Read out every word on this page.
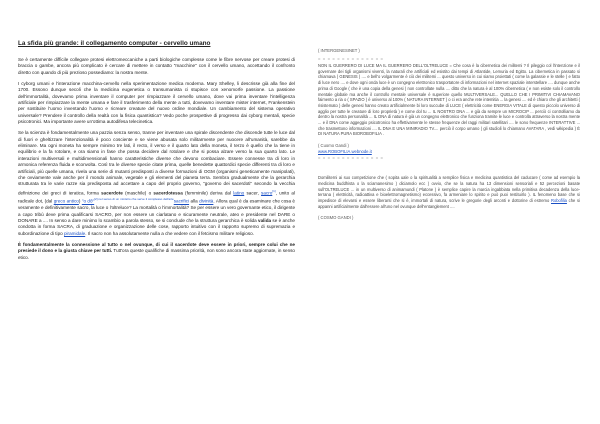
La sfida più grande: il collegamento computer - cervello umano

Se è certamente difficile collegare protesi elettromeccaniche a parti biologiche complesse come le fibre nervose per creare protesi di braccia o gambe, ancora più complicato è cercare di mettere in contatto "macchine" con il cervello umano, accettando il confronto diretto con quando di più prezioso possediamo: la nostra mente.

I cyborg umani e l'interazione macchina-cervello nella sperimentazione medica moderna. Mary Shelley, li descrisse già alla fine del 1700. Essono dunque secoli che la medicina eugenetica o transumanista ci stupisce con xenomorfe passione. La passione dell'immortalità, dovevamo prima inventare il computer per rimpiazzare il cervello umano, dove vai prima inventare l'intelligenza artificiale per rimpiazzare la mente umana e fare il trasferimento della mente a tutti, dovevamo inventare mister internet, Frankenstein per sostituire l'uomo inventando l'uomo e ricreare creature del nuovo ordine mondiale. Un cambiamento del sistema operativo universale? Prendere il controllo della realtà con la fisica quantistica? Vedo poche prospettive di progresso dai cyborg mentali, specie psicotronici. Ma importante avere un'ottima autodifesa telecinetica.

Se la scienza è fondamentalmente una pazzia senza senso, tranne per inventare una spirale discendente che discende tutte le luce dal di fuori e gheltizzare l'intenzionalità è poco cosciente e se viene abusata solo militarmente per nuocere all'umanità, sarebbe da eliminare. Ma ogni moneta ha sempre minimo tre lati, il recto, il verso e il quarto lato della moneta, il terzo è quello che la tiene in equilibrio e la fa rotolare, e ora siamo in fase che possa decidere dal rotolare e che si possa alzare verso la sua quarto lato. Le interazioni multiversali e multidimensionali hanno caratteristiche diverse che devono combaciare. Essere connesse tra di loro in armonica referenza fluida e sconvolta. Così tra le diverse specie citate prima, quelle benedette quattordici specie differenti tra di loro e artificiali, più quelle umana, rivela una serie di mutanti predisposti a diverse formazioni di OGM (organismi geneticamente manipolati), che ovviamente vale anche per il mondo animale, vegetale e gli elementi del pianeta terra. Sembra gradualmente che la gerarchia strutturata tra le varie razze sia predisposta ad accettare a capo del proprio governo, "governo dei sacerdoti" secondo la vecchia definizione dei greci di ieratica, forma sacerdote (maschile) o sacerdotessa (femminile) deriva dal latino sacer, sacro[1], unito al radicale dot, (dal greco antico) "o dô"$^{[2] nel senso di un ministro che serve il complesso dell'arte}$sacrifici alla divinità. Allora qual è da esaminare che cosa è veramente e definitivamente sacro, la luce o l'oltreluce? La mortalità o l'immortalità? Se per essere un vero governante etico, il dirigente a capo tribù deve prima qualificarsi SACRO, per non essere un ciarlatano e sicuramente neutrale, ateo e presidente nel DARE o DONARE a .... In senso a dare minimo lo scambio a parola stesso, se si conclude che la struttura gerarchica è solida valida se è anche condotta in forma SACRA, di graduazione e organizzazione delle cose, rapporto intuitivo con il rapporto supremo di supremazia e subordinazione di tipo piramidale. Il sacro non ha assolutamente nulla a che vedere con il fetcismo militare religioso.

È fondamentalmente la connessione al tutto o nel ovunque, di cui il sacerdote deve essere in priori, sempre colui che ne presiede il dono e la giusta chiave per tutti. Tutt'ora queste qualifiche di massima priorità, non sono ancora state aggiornate, in senso etico.

( INTERGENESINET )
= = = = = = = = = = = = = =

NON IL GUERRERO DI LUCE MA IL GUERRERO DELL'OLTRELUCE = Che cosa è la cibernetica dei militemi ? Il pileggio col l'intenzione e il governare dei tigli organismi viventi, la naturali che artificiali ed esistito dai tempi di Atlantide, Lemuria ed Egitto. La cibernetica in passato si chiamava ( GENESIS ) .... e bell'o volgarmente è ciò dei militemi ... questo universo in cui siamo proiettati ( come la galassie e le stelle ) e fatto di luce nero .... e dove ogni onda luce è un congegno elettronico trasportatore di informazioni nel internet spaziale interstellare .... dunque anche prima di Google ( che è una copia della genesi ) non controllate nulla .... ditto che la natura è al 100% cibernetica ( e non esiste solo il controllo mentale globale ma anche il controllo mentale universale è superiore quello MULTIVERSALE... QUELLO CHE I PRIMITIVI CHIAMAVANO faimento a ria o ( SPAZIO ) è universo al 100% ( NATURA INTERNET ) o ci era anche rete intemitia ... la genesi .... ed è chiaro che gli architetti ( risistemato ) delle genesi hanno creato artificialmente bi loro succube di LUCE ( elettricità come ENERGIA VITALE di questo piccolo universo di agglio per tutte le creature di loro proprietà ) e come dol tu ... IL NOSTRO DNA ... e già da sempre un MICROCIP ... perciò ci controlliamo da dentro la nostra personalità ... IL DNA di natura è già un congegno elettronico che funziona tramite le luce e controlla attraverso la nostra mente ... e il DNA come aggeggio psicotronico ha effettivamente le stesse frequenze del raggi militari satellitari .... le sono frequenze INTERATTIVE ... che trasmettono informazioni .... IL DNA E UNA MINIRADIO TV.... perciò il corpo umano ( gli studioli lo chiamano AVATARA , vedi wikipedia ) È DI NATURA PURA BIOROBOFILIA .

( Cuomo Gandi )
www.ROBOFILIA.webnode.it
= = = = = = = = = = = = = =

Domiliterni ai suo competizione che ( sopita uale o la spiritualità a semplice fisica e medicina quantistica del caducare ( come ad esempio la medicina buddhista o la sciamanesimo ) diciamolo ecc ) ovvio, che se la natura ha 13 dimensioni sensoriali e 52 percezioni basate sull'OLTRELUCE ... in un multiverso di animamundi ( Platone ) è semplice capire la marcia ingabbiata nella primitiva decadenza della luce-terrana ( elettricità, radioattiva e bioelettromagnetismo) eccessivo, fa armeniare lo spirito e può puoi restituirlo ). IL fenomeno base che si impedisce di elevarsi e essere liberarsi che si è, immortali di natura, scrive le gregorie degli arconti e dottorine di estremo Robofilia che si appanni artificialmente dall'essere all'uno nel ovunque dell'entanglement ....

( COSMO GANDI )
